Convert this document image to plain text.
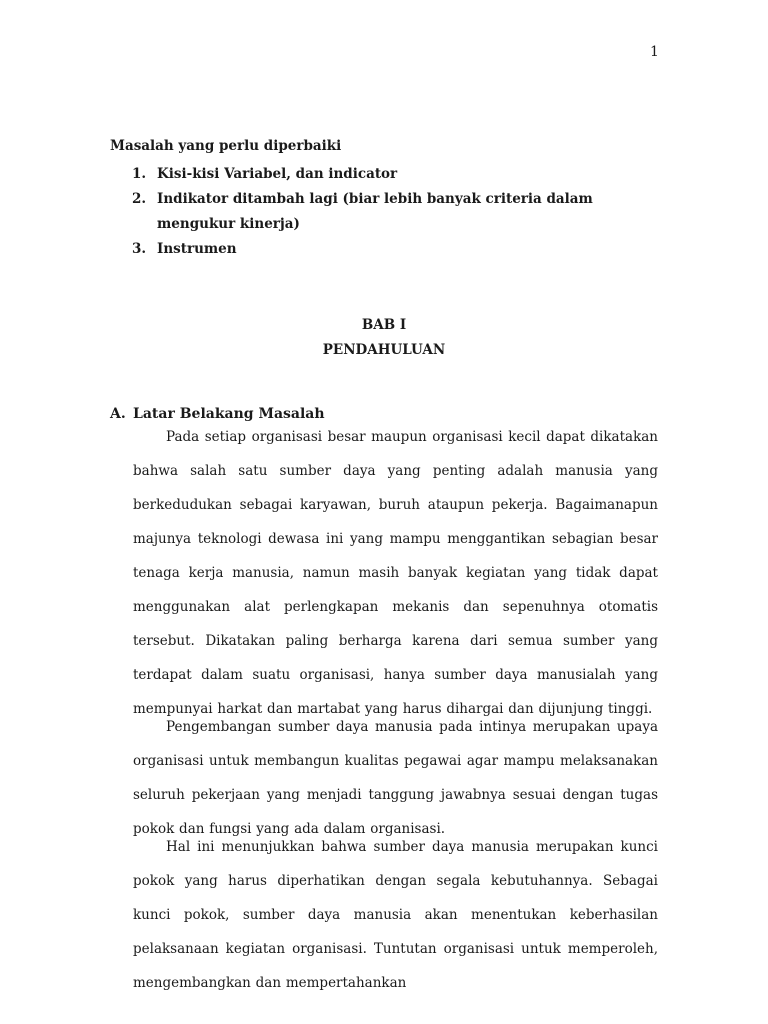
1

Masalah yang perlu diperbaiki

1. Kisi-kisi Variabel, dan indicator
2. Indikator ditambah lagi (biar lebih banyak criteria dalam mengukur kinerja)
3. Instrumen

BAB I

PENDAHULUAN

A. Latar Belakang Masalah

Pada setiap organisasi besar maupun organisasi kecil dapat dikatakan bahwa salah satu sumber daya yang penting adalah manusia yang berkedudukan sebagai karyawan, buruh ataupun pekerja. Bagaimanapun majunya teknologi dewasa ini yang mampu menggantikan sebagian besar tenaga kerja manusia, namun masih banyak kegiatan yang tidak dapat menggunakan alat perlengkapan mekanis dan sepenuhnya otomatis tersebut. Dikatakan paling berharga karena dari semua sumber yang terdapat dalam suatu organisasi, hanya sumber daya manusialah yang mempunyai harkat dan martabat yang harus dihargai dan dijunjung tinggi.

Pengembangan sumber daya manusia pada intinya merupakan upaya organisasi untuk membangun kualitas pegawai agar mampu melaksanakan seluruh pekerjaan yang menjadi tanggung jawabnya sesuai dengan tugas pokok dan fungsi yang ada dalam organisasi.

Hal ini menunjukkan bahwa sumber daya manusia merupakan kunci pokok yang harus diperhatikan dengan segala kebutuhannya. Sebagai kunci pokok, sumber daya manusia akan menentukan keberhasilan pelaksanaan kegiatan organisasi. Tuntutan organisasi untuk memperoleh, mengembangkan dan mempertahankan
